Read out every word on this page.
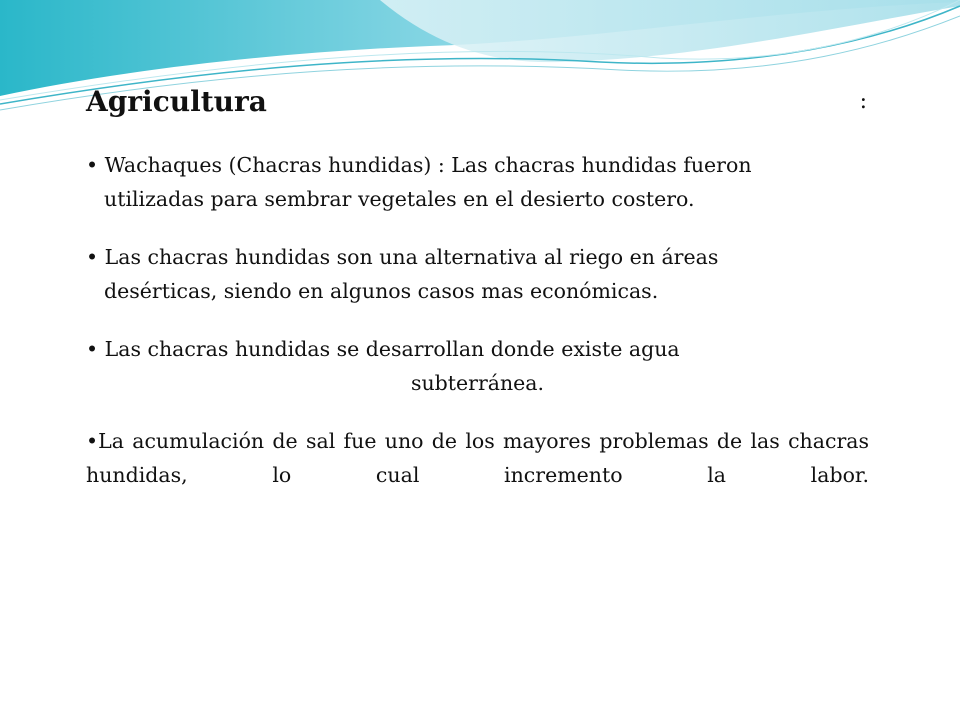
Agricultura	:
• Wachaques (Chacras hundidas) : Las chacras hundidas fueron
utilizadas para sembrar vegetales en el desierto costero.
• Las chacras hundidas son una alternativa al riego en áreas
desérticas, siendo en algunos casos mas económicas.
• Las chacras hundidas se desarrollan donde existe agua
subterránea.
•La acumulación de sal fue uno de los mayores problemas de las chacras hundidas, lo cual incremento la labor.
